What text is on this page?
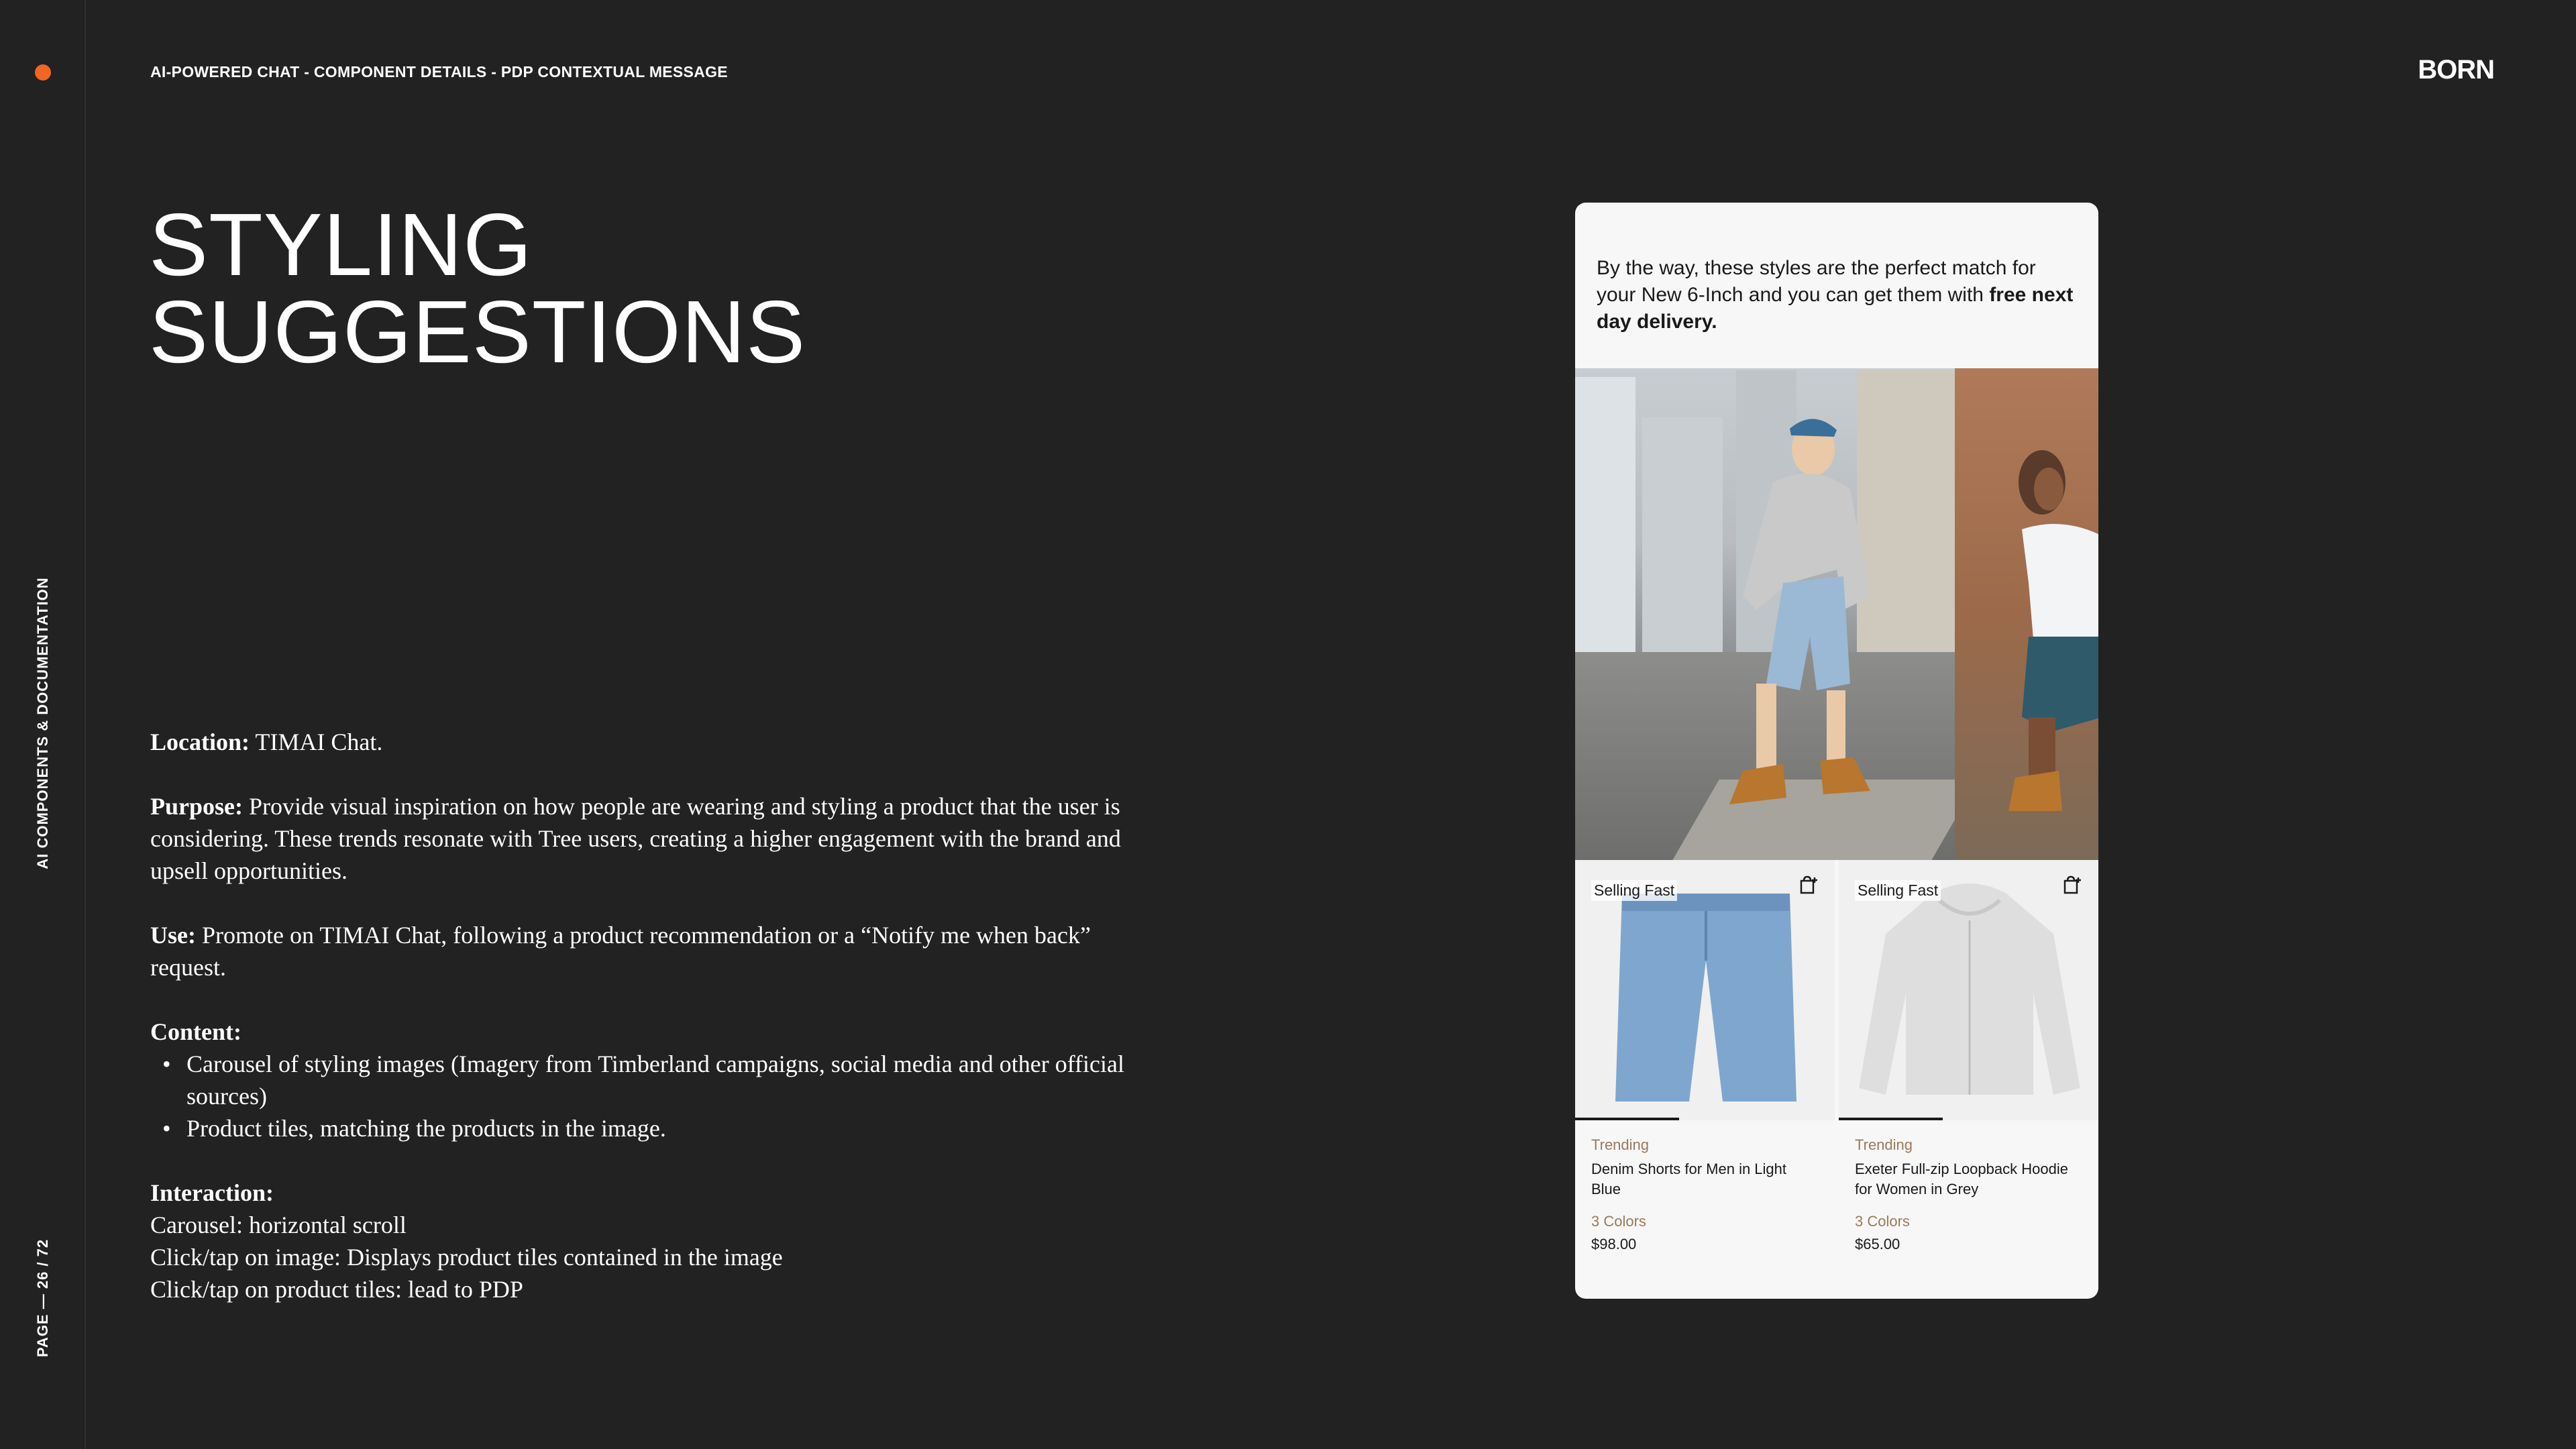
AI COMPONENTS & DOCUMENTATION
PAGE — 26 / 72
AI-POWERED CHAT - COMPONENT DETAILS - PDP CONTEXTUAL MESSAGE	BORN
STYLING
SUGGESTIONS

Location: TIMAI Chat.

Purpose: Provide visual inspiration on how people are wearing and styling a product that the user is considering. These trends resonate with Tree users, creating a higher engagement with the brand and upsell opportunities.

Use: Promote on TIMAI Chat, following a product recommendation or a “Notify me when back” request.

Content:
• Carousel of styling images (Imagery from Timberland campaigns, social media and other official sources)
• Product tiles, matching the products in the image.
Interaction:
Carousel: horizontal scroll
Click/tap on image: Displays product tiles contained in the image
Click/tap on product tiles: lead to PDP
By the way, these styles are the perfect match for your New 6-Inch and you can get them with free next day delivery.
Selling Fast
Trending
Denim Shorts for Men in Light Blue
3 Colors
$98.00
Selling Fast
Trending
Exeter Full-zip Loopback Hoodie for Women in Grey
3 Colors
$65.00
